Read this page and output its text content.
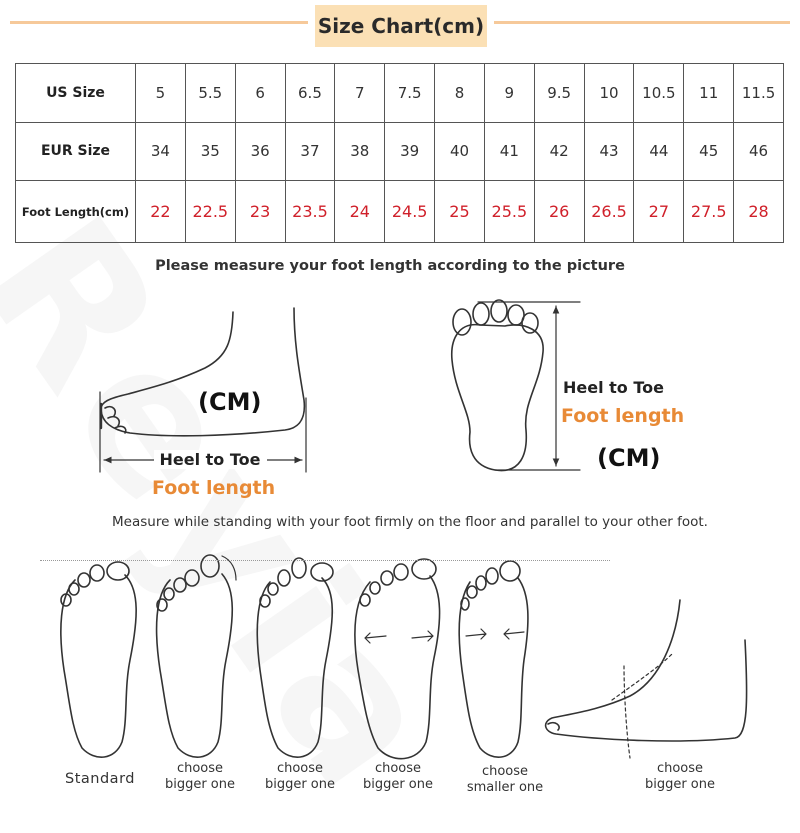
Size Chart(cm)
US Size	5	5.5	6	6.5	7	7.5	8	9	9.5	10	10.5	11	11.5
EUR Size	34	35	36	37	38	39	40	41	42	43	44	45	46
Foot Length(cm)	22	22.5	23	23.5	24	24.5	25	25.5	26	26.5	27	27.5	28
Please measure your foot length according to the picture
(CM)
Heel to Toe
Foot length
Heel to Toe
Foot length
(CM)
Measure while standing with your foot firmly on the floor and parallel to your other foot.
Standard
choose
bigger one
choose
bigger one
choose
bigger one
choose
smaller one
choose
bigger one
